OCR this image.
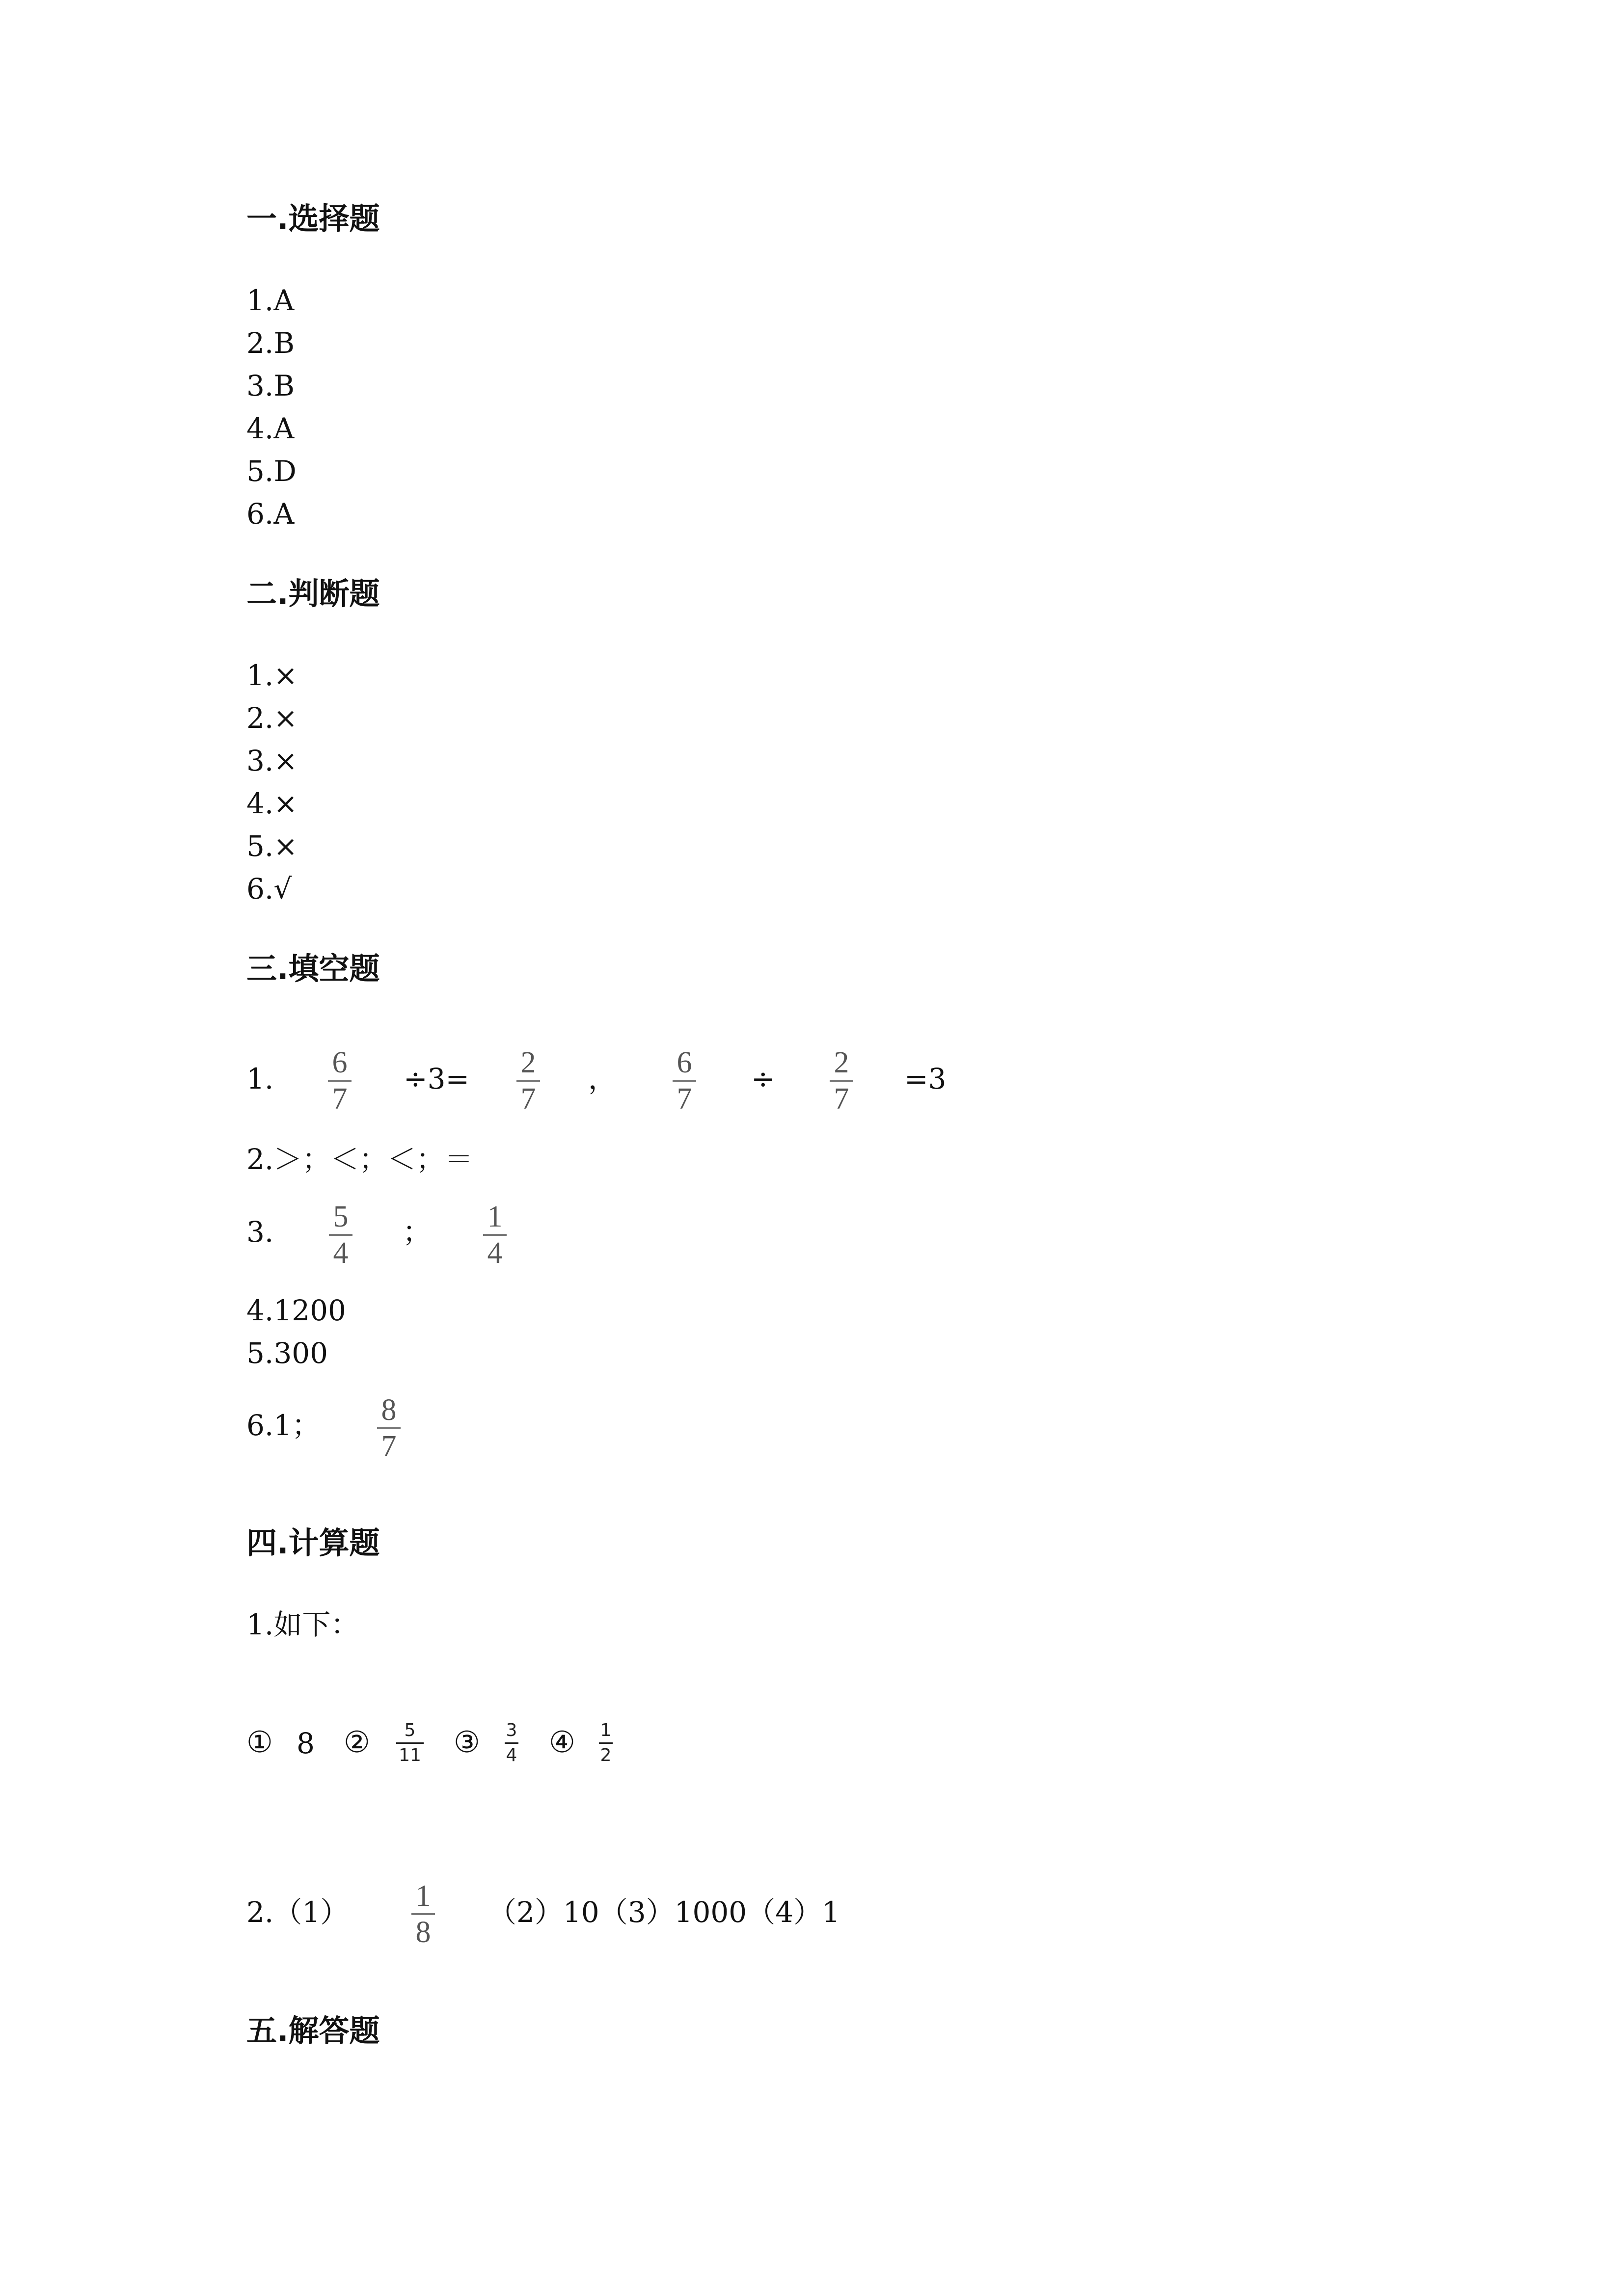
一.选择题
1.A
2.B
3.B
4.A
5.D
6.A
二.判断题
1.×
2.×
3.×
4.×
5.×
6.√
三.填空题
1. 6
7
÷3= 2
7
， 6
7
÷ 2
7
=3
2.＞；＜；＜；＝
3. 5
4
； 1
4
4.1200
5.300
6.1； 8
7
四.计算题
1.如下：
① 8 ② 5
11 ③ 3
4 ④ 1
2
2.（1） 1
8
（2）10（3）1000（4）1
五.解答题
